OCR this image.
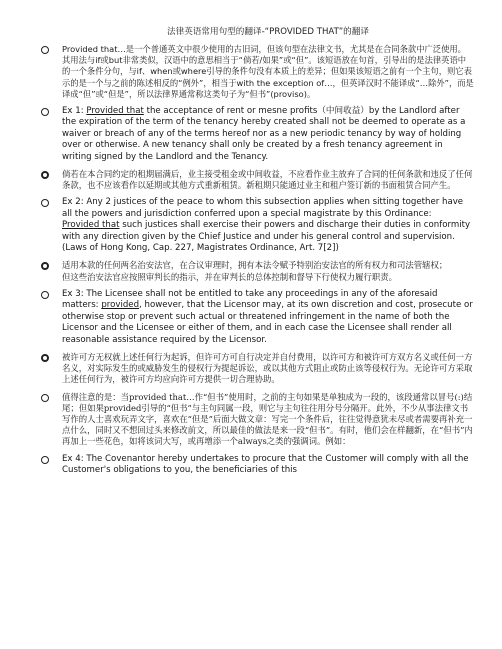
法律英语常用句型的翻译-“PROVIDED THAT”的翻译
Provided that…是一个普通英文中很少使用的古旧词，但该句型在法律文书，尤其是在合同条款中广泛使用。其用法与if或but非常类似，汉语中的意思相当于“倘若/如果”或“但”。该短语放在句首，引导出的是法律英语中的一个条件分句，与if、when或where引导的条件句没有本质上的差异；但如果该短语之前有一个主句，则它表示的是一个与之前的陈述相反的“例外”，相当于with the exception of…，但英译汉时不能译成“…除外”，而是译成“但”或“但是”，所以法律界通常称这类句子为“但书”(proviso)。
Ex 1: Provided that the acceptance of rent or mesne profits（中间收益）by the Landlord after the expiration of the term of the tenancy hereby created shall not be deemed to operate as a waiver or breach of any of the terms hereof nor as a new periodic tenancy by way of holding over or otherwise. A new tenancy shall only be created by a fresh tenancy agreement in writing signed by the Landlord and the Tenancy.
倘若在本合同约定的租期届满后，业主接受租金或中间收益，不应看作业主放弃了合同的任何条款和违反了任何条款，也不应该看作以延期或其他方式重新租赁。新租期只能通过业主和租户签订新的书面租赁合同产生。
Ex 2: Any 2 justices of the peace to whom this subsection applies when sitting together have all the powers and jurisdiction conferred upon a special magistrate by this Ordinance:
Provided that such justices shall exercise their powers and discharge their duties in conformity with any direction given by the Chief Justice and under his general control and supervision. (Laws of Hong Kong, Cap. 227, Magistrates Ordinance, Art. 7[2])
适用本款的任何两名治安法官，在合议审理时，拥有本法令赋予特别治安法官的所有权力和司法管辖权；
但这些治安法官应按照审判长的指示，并在审判长的总体控制和督导下行使权力履行职责。
Ex 3: The Licensee shall not be entitled to take any proceedings in any of the aforesaid matters: provided, however, that the Licensor may, at its own discretion and cost, prosecute or otherwise stop or prevent such actual or threatened infringement in the name of both the Licensor and the Licensee or either of them, and in each case the Licensee shall render all reasonable assistance required by the Licensor.
被许可方无权就上述任何行为起诉，但许可方可自行决定并自付费用，以许可方和被许可方双方名义或任何一方名义，对实际发生的或威胁发生的侵权行为提起诉讼，或以其他方式阻止或防止该等侵权行为。无论许可方采取上述任何行为，被许可方均应向许可方提供一切合理协助。
值得注意的是：当provided that…作“但书”使用时，之前的主句如果是单独成为一段的，该段通常以冒号(:)结尾；但如果provided引导的“但书”与主句同属一段，则它与主句往往用分号分隔开。此外，不少从事法律文书写作的人士喜欢玩弄文字，喜欢在“但是”后面大做文章：写完一个条件后，往往觉得意犹未尽或者需要再补充一点什么，同时又不想回过头来修改前文，所以最佳的做法是来一段“但书”。有时，他们会在样翻新，在“但书”内再加上一些花色，如将该词大写，或再增添一个always之类的强调词。例如：
Ex 4: The Covenantor hereby undertakes to procure that the Customer will comply with all the Customer's obligations to you, the beneficiaries of this
